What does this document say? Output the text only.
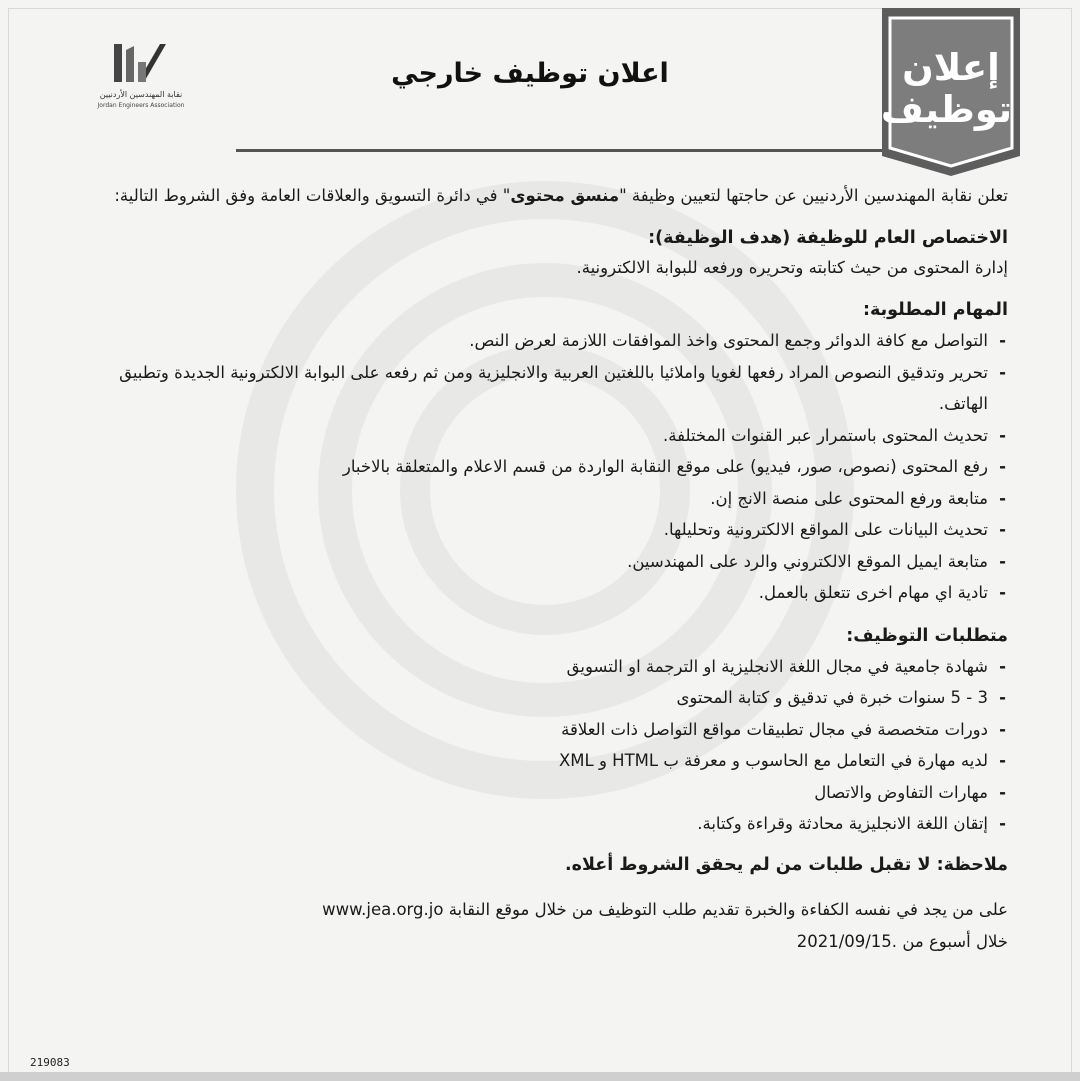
نقابة المهندسين الأردنيين
Jordan Engineers Association
اعلان توظيف خارجي	إعلان
توظيف
تعلن نقابة المهندسين الأردنيين عن حاجتها لتعيين وظيفة "منسق محتوى" في دائرة التسويق والعلاقات العامة وفق الشروط التالية:
الاختصاص العام للوظيفة (هدف الوظيفة):
إدارة المحتوى من حيث كتابته وتحريره ورفعه للبوابة الالكترونية.
المهام المطلوبة:
- التواصل مع كافة الدوائر وجمع المحتوى واخذ الموافقات اللازمة لعرض النص.
- تحرير وتدقيق النصوص المراد رفعها لغويا واملائيا باللغتين العربية والانجليزية ومن ثم رفعه على البوابة الالكترونية الجديدة وتطبيق الهاتف.
- تحديث المحتوى باستمرار عبر القنوات المختلفة.
- رفع المحتوى (نصوص، صور، فيديو) على موقع النقابة الواردة من قسم الاعلام والمتعلقة بالاخبار
- متابعة ورفع المحتوى على منصة الانج إن.
- تحديث البيانات على المواقع الالكترونية وتحليلها.
- متابعة ايميل الموقع الالكتروني والرد على المهندسين.
- تادية اي مهام اخرى تتعلق بالعمل.
متطلبات التوظيف:
- شهادة جامعية في مجال اللغة الانجليزية او الترجمة او التسويق
- 3 - 5 سنوات خبرة في تدقيق و كتابة المحتوى
- دورات متخصصة في مجال تطبيقات مواقع التواصل ذات العلاقة
- لديه مهارة في التعامل مع الحاسوب و معرفة ب HTML و XML
- مهارات التفاوض والاتصال
- إتقان اللغة الانجليزية محادثة وقراءة وكتابة.
ملاحظة: لا تقبل طلبات من لم يحقق الشروط أعلاه.
على من يجد في نفسه الكفاءة والخبرة تقديم طلب التوظيف من خلال موقع النقابة www.jea.org.jo
خلال أسبوع من 2021/09/15.
219083
